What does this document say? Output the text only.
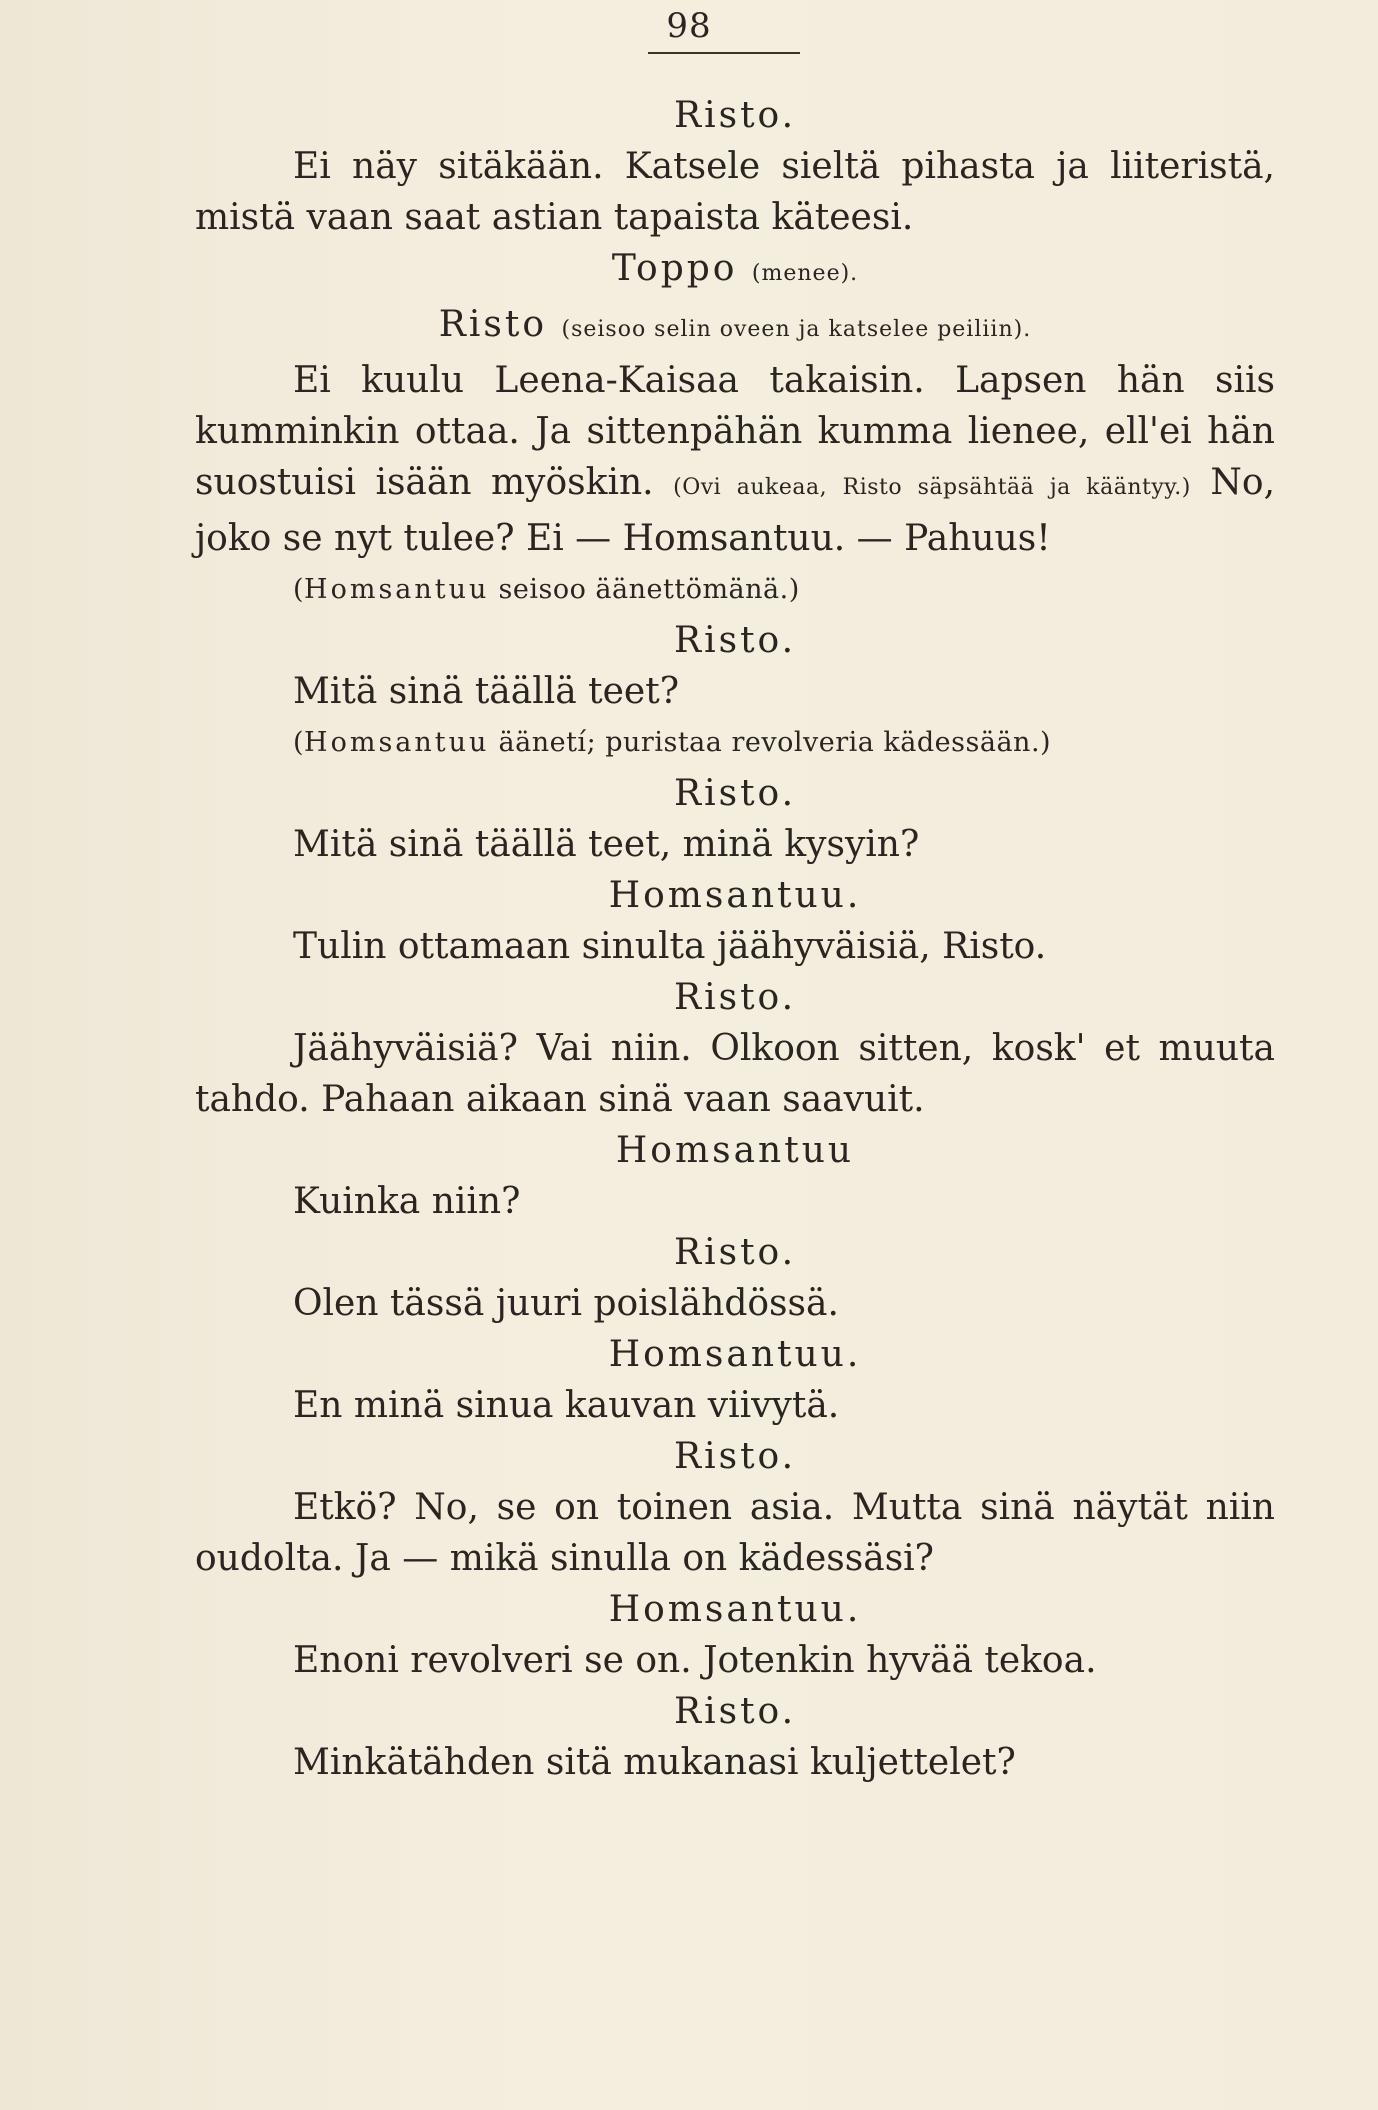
98

Risto.

Ei näy sitäkään. Katsele sieltä pihasta ja liiteristä, mistä vaan saat astian tapaista käteesi.

Toppo (menee).

Risto (seisoo selin oveen ja katselee peiliin).

Ei kuulu Leena-Kaisaa takaisin. Lapsen hän siis kumminkin ottaa. Ja sittenpähän kumma lienee, ell'ei hän suostuisi isään myöskin. (Ovi aukeaa, Risto säpsähtää ja kääntyy.) No, joko se nyt tulee? Ei — Homsantuu. — Pahuus!

(Homsantuu seisoo äänettömänä.)

Risto.

Mitä sinä täällä teet?

(Homsantuu äänetí; puristaa revolveria kädessään.)

Risto.

Mitä sinä täällä teet, minä kysyin?

Homsantuu.

Tulin ottamaan sinulta jäähyväisiä, Risto.

Risto.

Jäähyväisiä? Vai niin. Olkoon sitten, kosk' et muuta tahdo. Pahaan aikaan sinä vaan saavuit.

Homsantuu

Kuinka niin?

Risto.

Olen tässä juuri poislähdössä.

Homsantuu.

En minä sinua kauvan viivytä.

Risto.

Etkö? No, se on toinen asia. Mutta sinä näytät niin oudolta. Ja — mikä sinulla on kädessäsi?

Homsantuu.

Enoni revolveri se on. Jotenkin hyvää tekoa.

Risto.

Minkätähden sitä mukanasi kuljettelet?
